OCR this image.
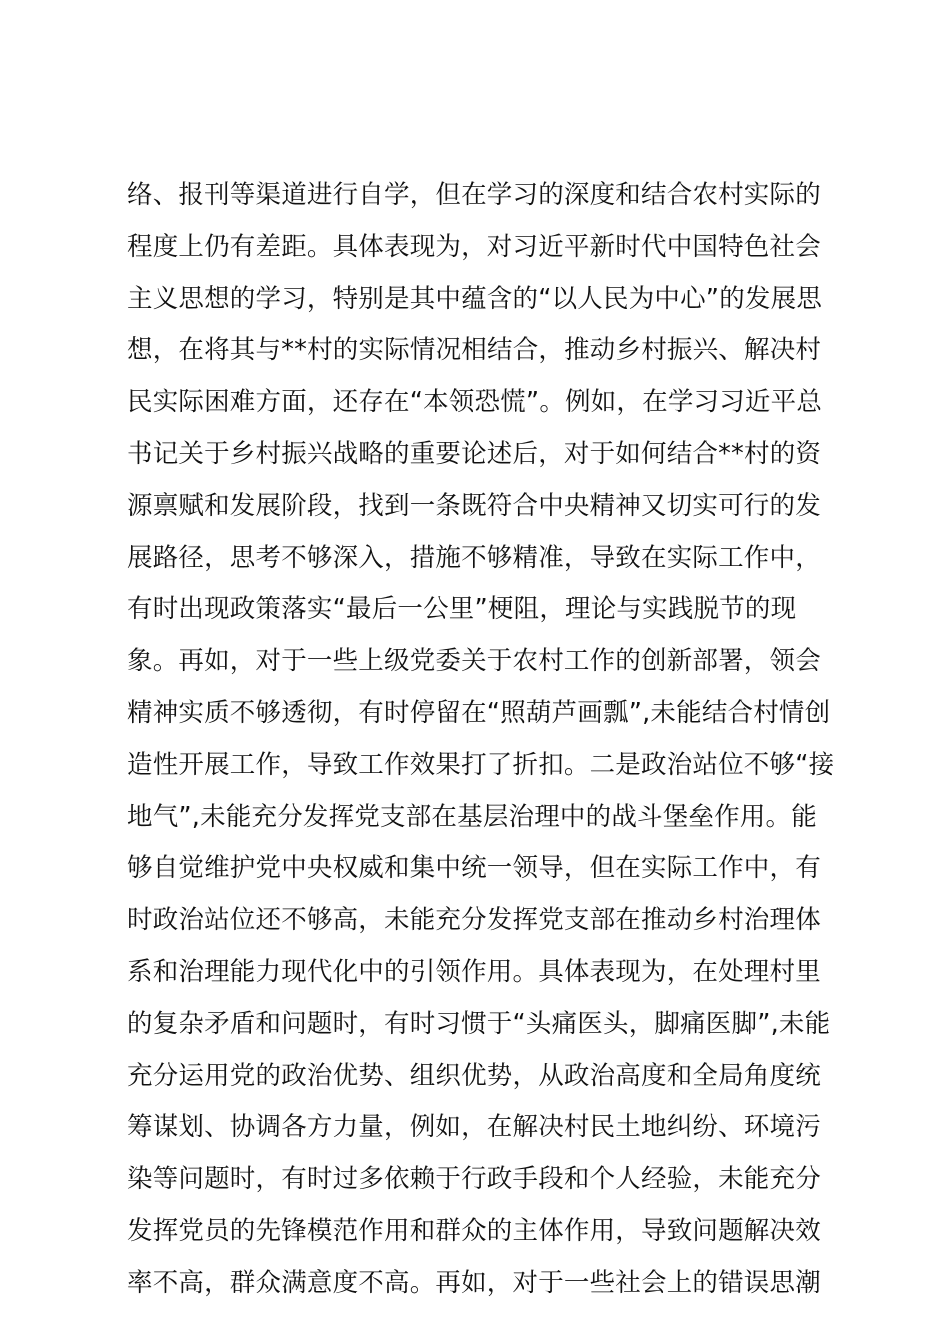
络、报刊等渠道进行自学，但在学习的深度和结合农村实际的
程度上仍有差距。具体表现为，对习近平新时代中国特色社会
主义思想的学习，特别是其中蕴含的“以人民为中心”的发展思
想，在将其与**村的实际情况相结合，推动乡村振兴、解决村
民实际困难方面，还存在“本领恐慌”。例如，在学习习近平总
书记关于乡村振兴战略的重要论述后，对于如何结合**村的资
源禀赋和发展阶段，找到一条既符合中央精神又切实可行的发
展路径，思考不够深入，措施不够精准，导致在实际工作中，
有时出现政策落实“最后一公里”梗阻，理论与实践脱节的现
象。再如，对于一些上级党委关于农村工作的创新部署，领会
精神实质不够透彻，有时停留在“照葫芦画瓢”,未能结合村情创
造性开展工作，导致工作效果打了折扣。二是政治站位不够“接
地气”,未能充分发挥党支部在基层治理中的战斗堡垒作用。能
够自觉维护党中央权威和集中统一领导，但在实际工作中，有
时政治站位还不够高，未能充分发挥党支部在推动乡村治理体
系和治理能力现代化中的引领作用。具体表现为，在处理村里
的复杂矛盾和问题时，有时习惯于“头痛医头，脚痛医脚”,未能
充分运用党的政治优势、组织优势，从政治高度和全局角度统
筹谋划、协调各方力量，例如，在解决村民土地纠纷、环境污
染等问题时，有时过多依赖于行政手段和个人经验，未能充分
发挥党员的先锋模范作用和群众的主体作用，导致问题解决效
率不高，群众满意度不高。再如，对于一些社会上的错误思潮
